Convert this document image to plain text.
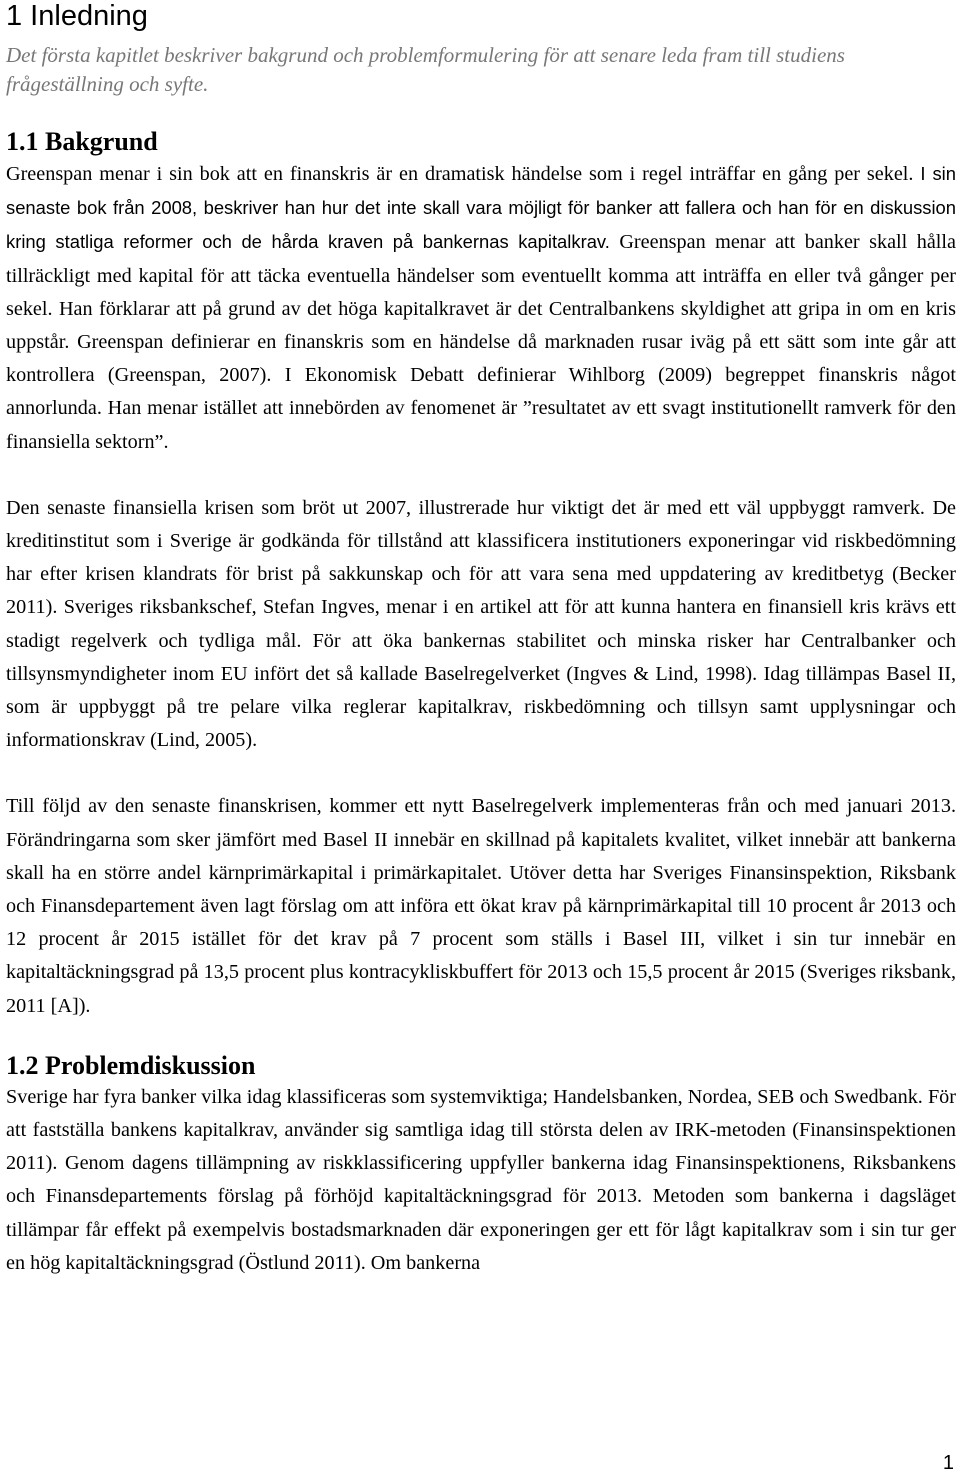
1 Inledning

Det första kapitlet beskriver bakgrund och problemformulering för att senare leda fram till studiens frågeställning och syfte.

1.1 Bakgrund

Greenspan menar i sin bok att en finanskris är en dramatisk händelse som i regel inträffar en gång per sekel. I sin senaste bok från 2008, beskriver han hur det inte skall vara möjligt för banker att fallera och han för en diskussion kring statliga reformer och de hårda kraven på bankernas kapitalkrav. Greenspan menar att banker skall hålla tillräckligt med kapital för att täcka eventuella händelser som eventuellt komma att inträffa en eller två gånger per sekel. Han förklarar att på grund av det höga kapitalkravet är det Centralbankens skyldighet att gripa in om en kris uppstår. Greenspan definierar en finanskris som en händelse då marknaden rusar iväg på ett sätt som inte går att kontrollera (Greenspan, 2007). I Ekonomisk Debatt definierar Wihlborg (2009) begreppet finanskris något annorlunda. Han menar istället att innebörden av fenomenet är ”resultatet av ett svagt institutionellt ramverk för den finansiella sektorn”.

Den senaste finansiella krisen som bröt ut 2007, illustrerade hur viktigt det är med ett väl uppbyggt ramverk. De kreditinstitut som i Sverige är godkända för tillstånd att klassificera institutioners exponeringar vid riskbedömning har efter krisen klandrats för brist på sakkunskap och för att vara sena med uppdatering av kreditbetyg (Becker 2011). Sveriges riksbankschef, Stefan Ingves, menar i en artikel att för att kunna hantera en finansiell kris krävs ett stadigt regelverk och tydliga mål. För att öka bankernas stabilitet och minska risker har Centralbanker och tillsynsmyndigheter inom EU infört det så kallade Baselregelverket (Ingves & Lind, 1998). Idag tillämpas Basel II, som är uppbyggt på tre pelare vilka reglerar kapitalkrav, riskbedömning och tillsyn samt upplysningar och informationskrav (Lind, 2005).

Till följd av den senaste finanskrisen, kommer ett nytt Baselregelverk implementeras från och med januari 2013. Förändringarna som sker jämfört med Basel II innebär en skillnad på kapitalets kvalitet, vilket innebär att bankerna skall ha en större andel kärnprimärkapital i primärkapitalet. Utöver detta har Sveriges Finansinspektion, Riksbank och Finansdepartement även lagt förslag om att införa ett ökat krav på kärnprimärkapital till 10 procent år 2013 och 12 procent år 2015 istället för det krav på 7 procent som ställs i Basel III, vilket i sin tur innebär en kapitaltäckningsgrad på 13,5 procent plus kontracykliskbuffert för 2013 och 15,5 procent år 2015 (Sveriges riksbank, 2011 [A]).

1.2 Problemdiskussion

Sverige har fyra banker vilka idag klassificeras som systemviktiga; Handelsbanken, Nordea, SEB och Swedbank. För att fastställa bankens kapitalkrav, använder sig samtliga idag till största delen av IRK-metoden (Finansinspektionen 2011). Genom dagens tillämpning av riskklassificering uppfyller bankerna idag Finansinspektionens, Riksbankens och Finansdepartements förslag på förhöjd kapitaltäckningsgrad för 2013. Metoden som bankerna i dagsläget tillämpar får effekt på exempelvis bostadsmarknaden där exponeringen ger ett för lågt kapitalkrav som i sin tur ger en hög kapitaltäckningsgrad (Östlund 2011). Om bankerna

1
